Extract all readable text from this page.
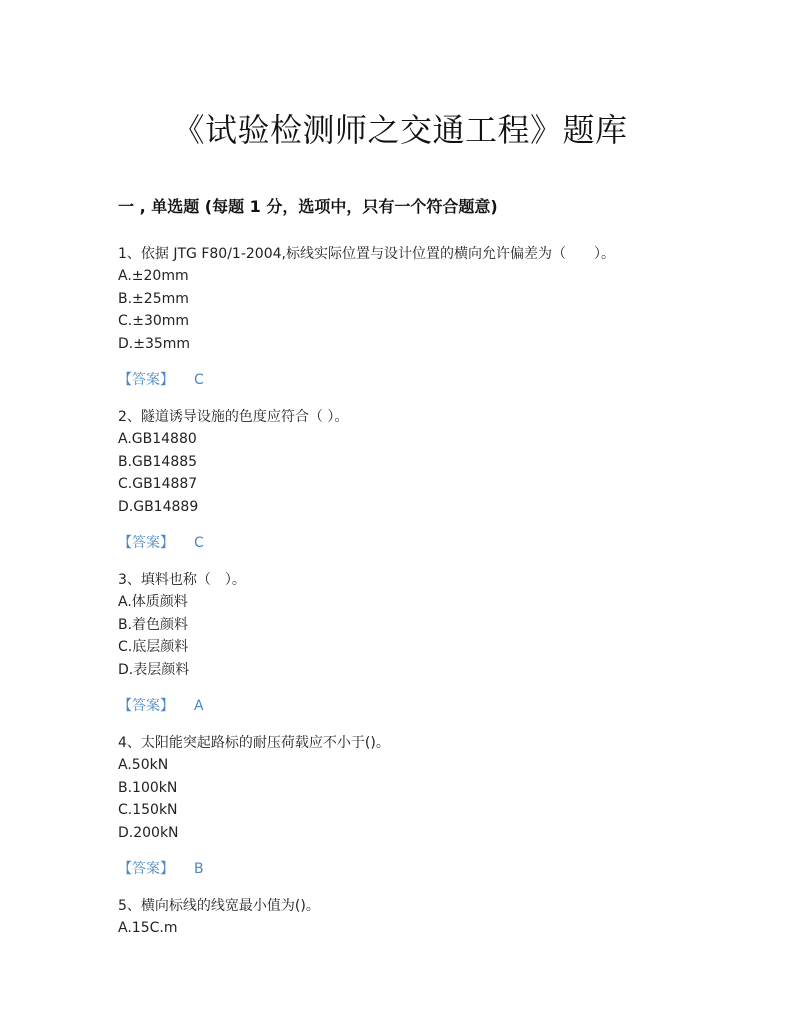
《试验检测师之交通工程》题库
一 , 单选题 (每题 1 分，选项中，只有一个符合题意)
1、依据 JTG F80/1-2004,标线实际位置与设计位置的横向允许偏差为（　　）。
A.±20mm
B.±25mm
C.±30mm
D.±35mm
【答案】 C
2、隧道诱导设施的色度应符合（ ）。
A.GB14880
B.GB14885
C.GB14887
D.GB14889
【答案】 C
3、填料也称（　）。
A.体质颜料
B.着色颜料
C.底层颜料
D.表层颜料
【答案】 A
4、太阳能突起路标的耐压荷载应不小于()。
A.50kN
B.100kN
C.150kN
D.200kN
【答案】 B
5、横向标线的线宽最小值为()。
A.15C.m
